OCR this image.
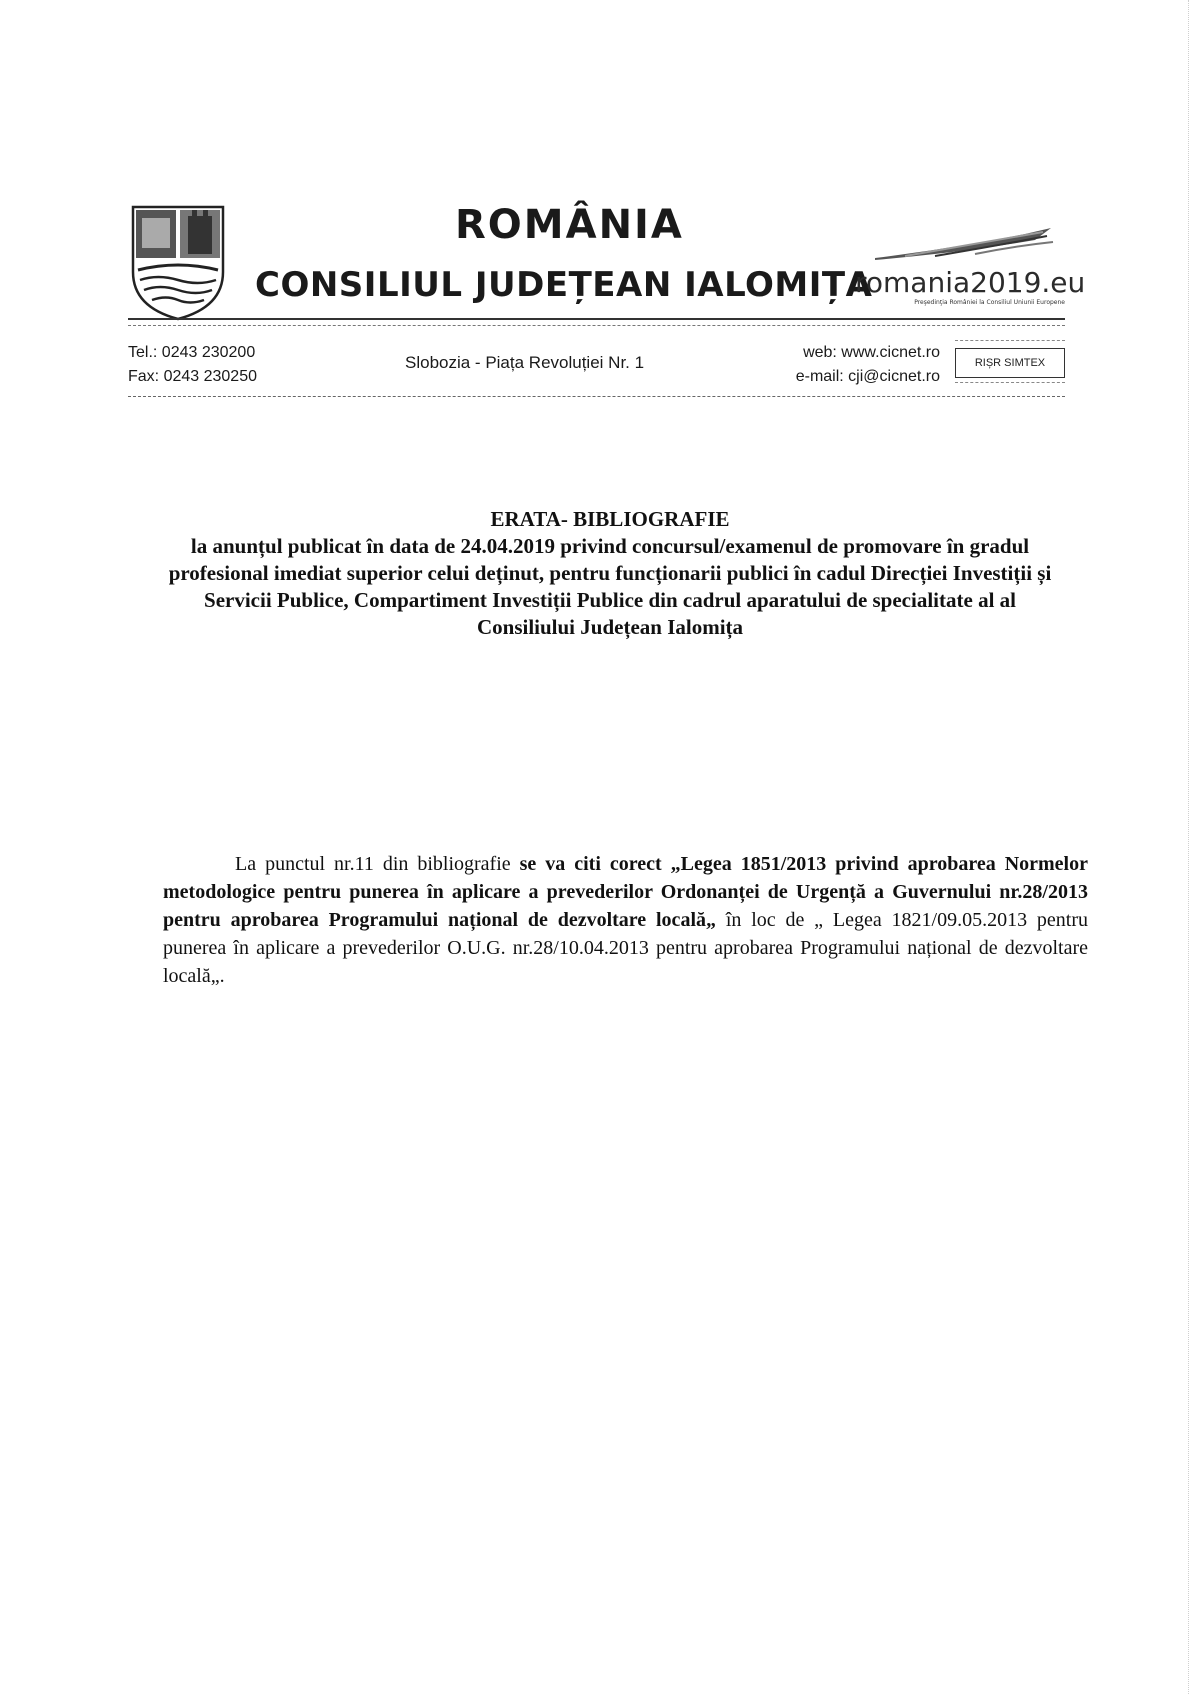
ROMÂNIA
CONSILIUL JUDEȚEAN IALOMIȚA
romania2019.eu
Preşedinţia României la Consiliul Uniunii Europene
Tel.: 0243 230200
Fax: 0243 230250
Slobozia - Piața Revoluției Nr. 1
web: www.cicnet.ro
e-mail: cji@cicnet.ro
RIȘR SIMTEX
ERATA- BIBLIOGRAFIE
la anunțul publicat în data de 24.04.2019 privind concursul/examenul de promovare în gradul profesional imediat superior celui deținut, pentru funcționarii publici în cadul Direcției Investiții și Servicii Publice, Compartiment Investiții Publice din cadrul aparatului de specialitate al al Consiliului Județean Ialomița

La punctul nr.11 din bibliografie se va citi corect „Legea 1851/2013 privind aprobarea Normelor metodologice pentru punerea în aplicare a prevederilor Ordonanței de Urgență a Guvernului nr.28/2013 pentru aprobarea Programului național de dezvoltare locală„ în loc de „ Legea 1821/09.05.2013 pentru punerea în aplicare a prevederilor O.U.G. nr.28/10.04.2013 pentru aprobarea Programului național de dezvoltare locală„.
